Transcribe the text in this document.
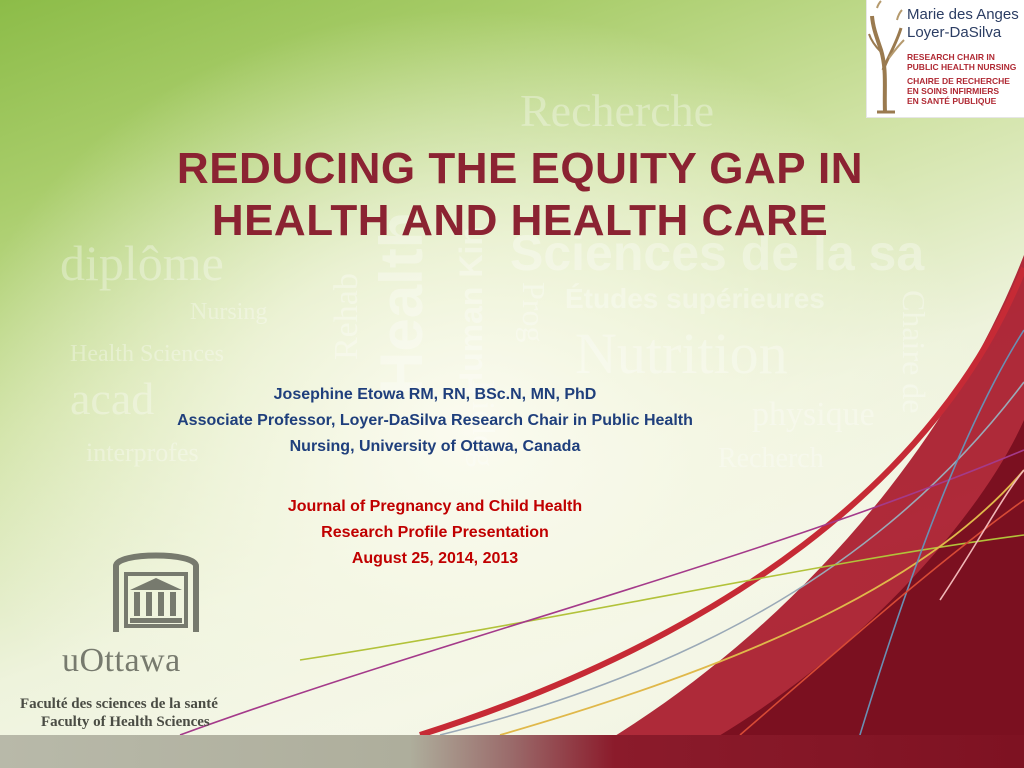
diplôme
Nursing
Health Sciences
acad
interprofes
Rehab Health Human Kin
Biolog
Prog
Sciences de la sa
Recherche
Études supérieures
Nutrition
physique
Recherch
Chaire de
REDUCING THE EQUITY GAP IN
HEALTH AND HEALTH CARE
Josephine Etowa RM, RN, BSc.N, MN, PhD
Associate Professor, Loyer-DaSilva Research Chair in Public Health
Nursing, University of Ottawa, Canada
Journal of Pregnancy and Child Health
Research Profile Presentation
August 25, 2014, 2013
Marie des Anges
Loyer-DaSilva
RESEARCH CHAIR IN
PUBLIC HEALTH NURSING
CHAIRE DE RECHERCHE
EN SOINS INFIRMIERS
EN SANTÉ PUBLIQUE
uOttawa
Faculté des sciences de la santé
Faculty of Health Sciences
